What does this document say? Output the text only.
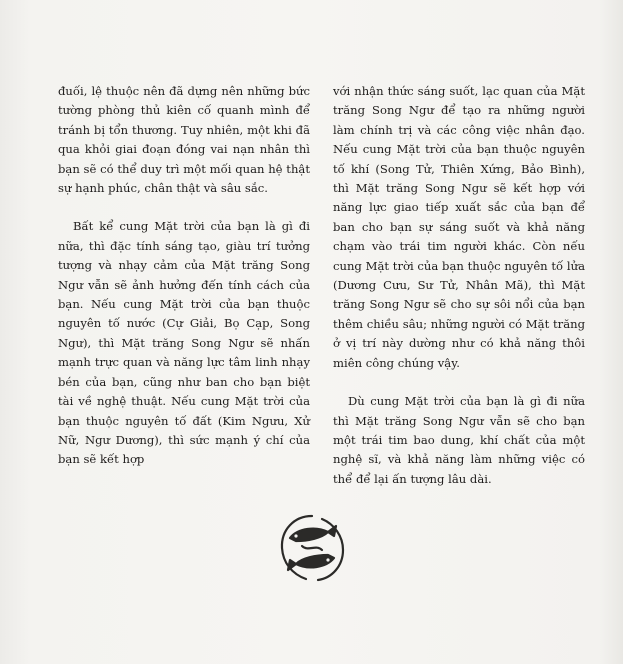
đuối, lệ thuộc nên đã dựng nên những bức tường phòng thủ kiên cố quanh mình để tránh bị tổn thương. Tuy nhiên, một khi đã qua khỏi giai đoạn đóng vai nạn nhân thì bạn sẽ có thể duy trì một mối quan hệ thật sự hạnh phúc, chân thật và sâu sắc.

Bất kể cung Mặt trời của bạn là gì đi nữa, thì đặc tính sáng tạo, giàu trí tưởng tượng và nhạy cảm của Mặt trăng Song Ngư vẫn sẽ ảnh hưởng đến tính cách của bạn. Nếu cung Mặt trời của bạn thuộc nguyên tố nước (Cự Giải, Bọ Cạp, Song Ngư), thì Mặt trăng Song Ngư sẽ nhấn mạnh trực quan và năng lực tâm linh nhạy bén của bạn, cũng như ban cho bạn biệt tài về nghệ thuật. Nếu cung Mặt trời của bạn thuộc nguyên tố đất (Kim Ngưu, Xử Nữ, Ngư Dương), thì sức mạnh ý chí của bạn sẽ kết hợp

với nhận thức sáng suốt, lạc quan của Mặt trăng Song Ngư để tạo ra những người làm chính trị và các công việc nhân đạo. Nếu cung Mặt trời của bạn thuộc nguyên tố khí (Song Tử, Thiên Xứng, Bảo Bình), thì Mặt trăng Song Ngư sẽ kết hợp với năng lực giao tiếp xuất sắc của bạn để ban cho bạn sự sáng suốt và khả năng chạm vào trái tim người khác. Còn nếu cung Mặt trời của bạn thuộc nguyên tố lửa (Dương Cưu, Sư Tử, Nhân Mã), thì Mặt trăng Song Ngư sẽ cho sự sôi nổi của bạn thêm chiều sâu; những người có Mặt trăng ở vị trí này dường như có khả năng thôi miên công chúng vậy.

Dù cung Mặt trời của bạn là gì đi nữa thì Mặt trăng Song Ngư vẫn sẽ cho bạn một trái tim bao dung, khí chất của một nghệ sĩ, và khả năng làm những việc có thể để lại ấn tượng lâu dài.
